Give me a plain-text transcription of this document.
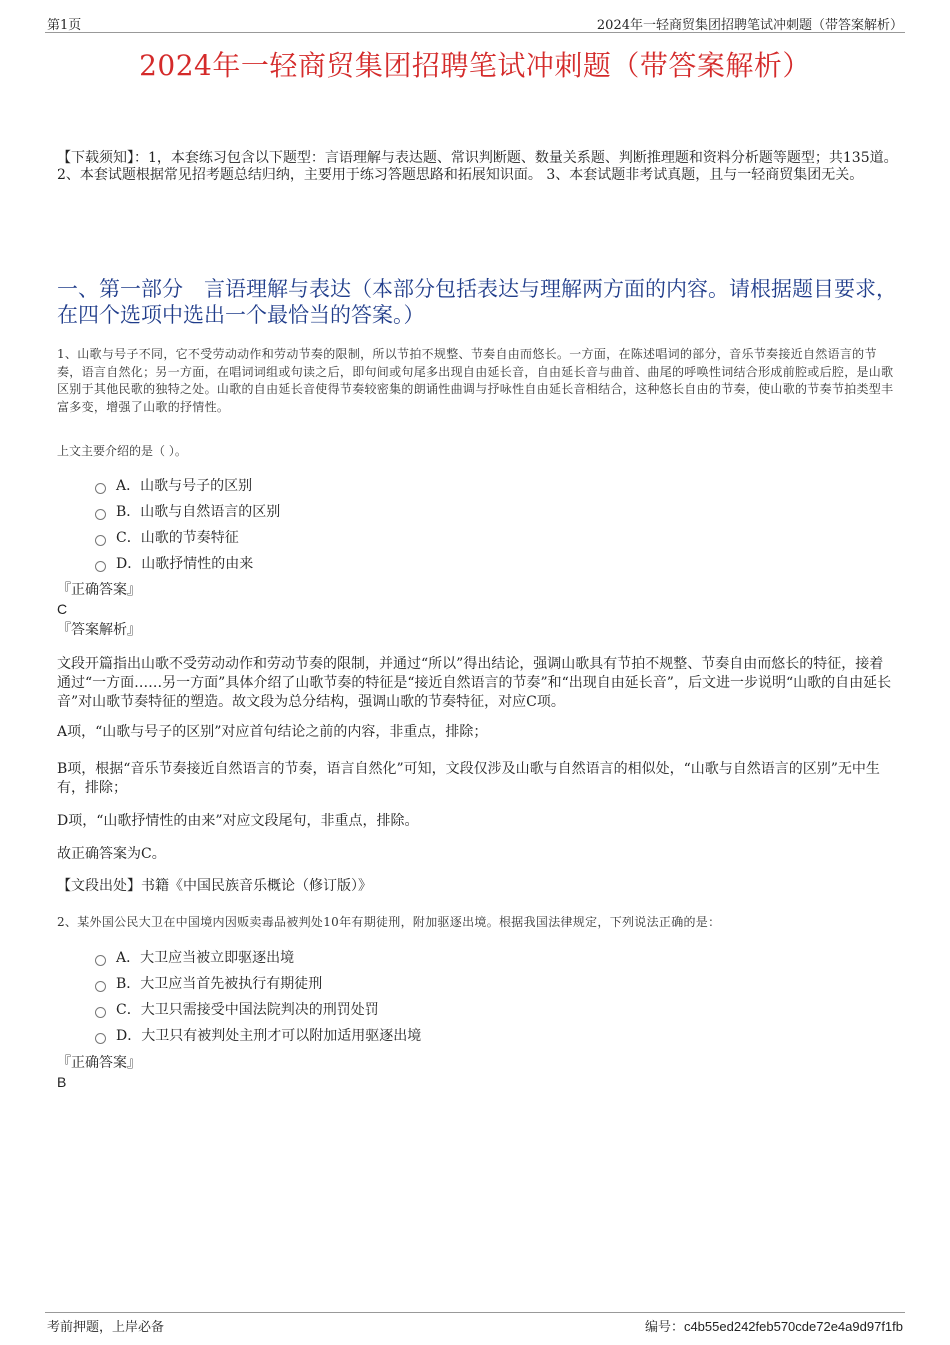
第1页	2024年一轻商贸集团招聘笔试冲刺题（带答案解析）
2024年一轻商贸集团招聘笔试冲刺题（带答案解析）
【下载须知】：1，本套练习包含以下题型：言语理解与表达题、常识判断题、数量关系题、判断推理题和资料分析题等题型；共135道。 2、本套试题根据常见招考题总结归纳，主要用于练习答题思路和拓展知识面。 3、本套试题非考试真题，且与一轻商贸集团无关。
一、第一部分　言语理解与表达（本部分包括表达与理解两方面的内容。请根据题目要求，在四个选项中选出一个最恰当的答案。）
1、山歌与号子不同，它不受劳动动作和劳动节奏的限制，所以节拍不规整、节奏自由而悠长。一方面，在陈述唱词的部分，音乐节奏接近自然语言的节奏，语言自然化；另一方面，在唱词词组或句读之后，即句间或句尾多出现自由延长音，自由延长音与曲首、曲尾的呼唤性词结合形成前腔或后腔，是山歌区别于其他民歌的独特之处。山歌的自由延长音使得节奏较密集的朗诵性曲调与抒咏性自由延长音相结合，这种悠长自由的节奏，使山歌的节奏节拍类型丰富多变，增强了山歌的抒情性。
上文主要介绍的是（ ）。
A．山歌与号子的区别
B．山歌与自然语言的区别
C．山歌的节奏特征
D．山歌抒情性的由来
『正确答案』
C
『答案解析』
文段开篇指出山歌不受劳动动作和劳动节奏的限制，并通过“所以”得出结论，强调山歌具有节拍不规整、节奏自由而悠长的特征，接着通过“一方面……另一方面”具体介绍了山歌节奏的特征是“接近自然语言的节奏”和“出现自由延长音”，后文进一步说明“山歌的自由延长音”对山歌节奏特征的塑造。故文段为总分结构，强调山歌的节奏特征，对应C项。
A项，“山歌与号子的区别”对应首句结论之前的内容，非重点，排除；
B项，根据“音乐节奏接近自然语言的节奏，语言自然化”可知，文段仅涉及山歌与自然语言的相似处，“山歌与自然语言的区别”无中生有，排除；
D项，“山歌抒情性的由来”对应文段尾句，非重点，排除。
故正确答案为C。
【文段出处】书籍《中国民族音乐概论（修订版）》
2、某外国公民大卫在中国境内因贩卖毒品被判处10年有期徒刑，附加驱逐出境。根据我国法律规定，下列说法正确的是：
A．大卫应当被立即驱逐出境
B．大卫应当首先被执行有期徒刑
C．大卫只需接受中国法院判决的刑罚处罚
D．大卫只有被判处主刑才可以附加适用驱逐出境
『正确答案』
B
考前押题，上岸必备	编号：c4b55ed242feb570cde72e4a9d97f1fb
